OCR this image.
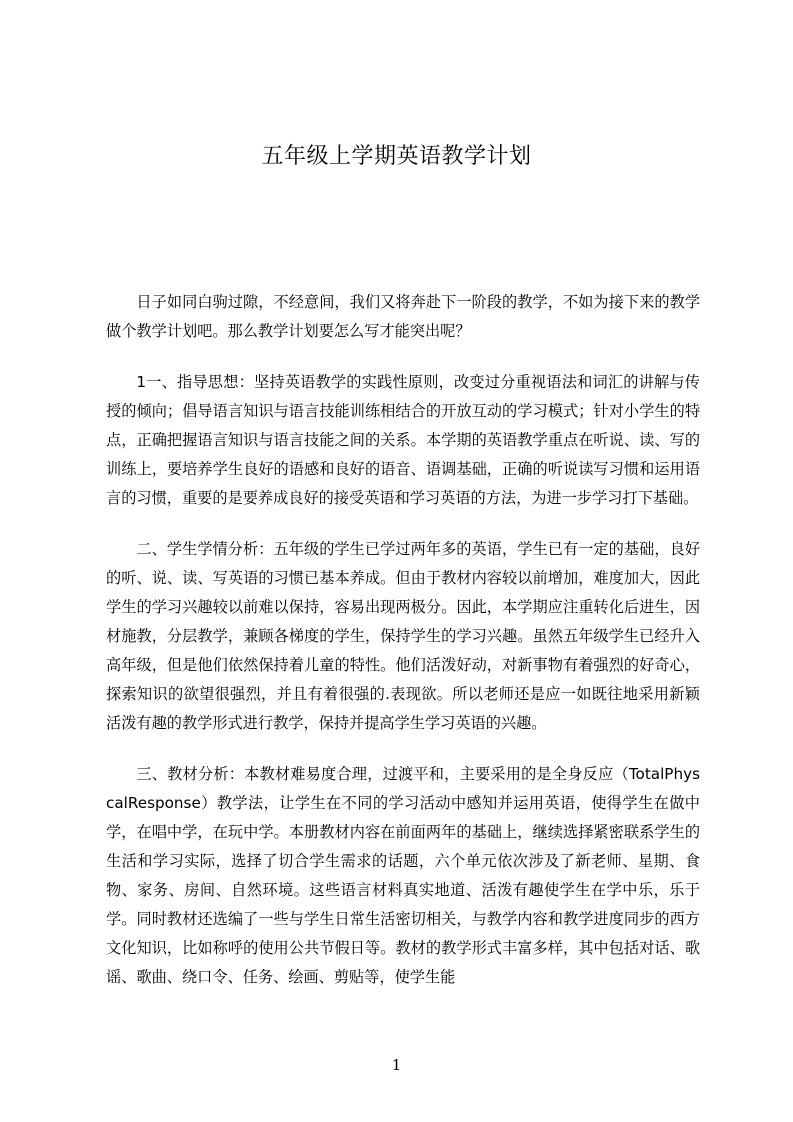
五年级上学期英语教学计划

日子如同白驹过隙，不经意间，我们又将奔赴下一阶段的教学，不如为接下来的教学做个教学计划吧。那么教学计划要怎么写才能突出呢？

1一、指导思想：坚持英语教学的实践性原则，改变过分重视语法和词汇的讲解与传授的倾向；倡导语言知识与语言技能训练相结合的开放互动的学习模式；针对小学生的特点，正确把握语言知识与语言技能之间的关系。本学期的英语教学重点在听说、读、写的训练上，要培养学生良好的语感和良好的语音、语调基础，正确的听说读写习惯和运用语言的习惯，重要的是要养成良好的接受英语和学习英语的方法，为进一步学习打下基础。

二、学生学情分析：五年级的学生已学过两年多的英语，学生已有一定的基础，良好的听、说、读、写英语的习惯已基本养成。但由于教材内容较以前增加，难度加大，因此学生的学习兴趣较以前难以保持，容易出现两极分。因此，本学期应注重转化后进生，因材施教，分层教学，兼顾各梯度的学生，保持学生的学习兴趣。虽然五年级学生已经升入高年级，但是他们依然保持着儿童的特性。他们活泼好动，对新事物有着强烈的好奇心，探索知识的欲望很强烈，并且有着很强的.表现欲。所以老师还是应一如既往地采用新颖活泼有趣的教学形式进行教学，保持并提高学生学习英语的兴趣。

三、教材分析：本教材难易度合理，过渡平和，主要采用的是全身反应（TotalPhyscalResponse）教学法，让学生在不同的学习活动中感知并运用英语，使得学生在做中学，在唱中学，在玩中学。本册教材内容在前面两年的基础上，继续选择紧密联系学生的生活和学习实际，选择了切合学生需求的话题，六个单元依次涉及了新老师、星期、食物、家务、房间、自然环境。这些语言材料真实地道、活泼有趣使学生在学中乐，乐于学。同时教材还选编了一些与学生日常生活密切相关，与教学内容和教学进度同步的西方文化知识，比如称呼的使用公共节假日等。教材的教学形式丰富多样，其中包括对话、歌谣、歌曲、绕口令、任务、绘画、剪贴等，使学生能

1
